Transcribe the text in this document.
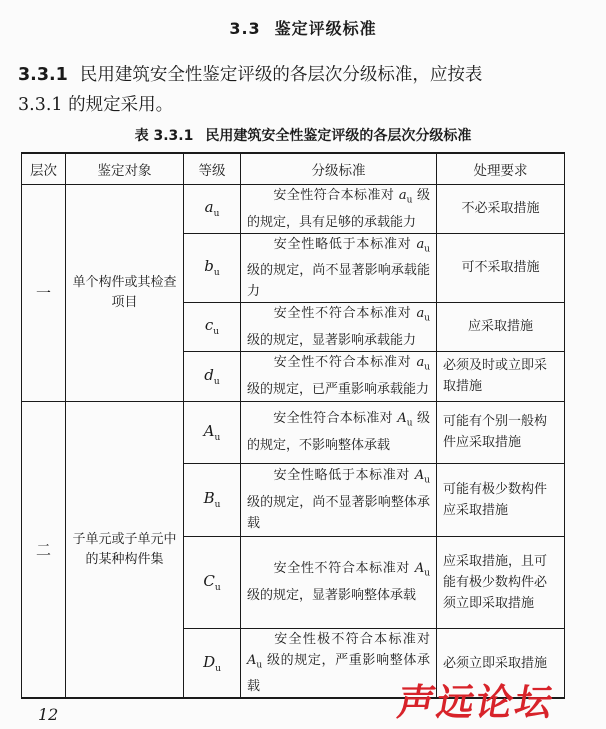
3.3 鉴定评级标准
3.3.1 民用建筑安全性鉴定评级的各层次分级标准，应按表
3.3.1 的规定采用。
表 3.3.1 民用建筑安全性鉴定评级的各层次分级标准
层次	鉴定对象	等级	分级标准	处理要求
一	单个构件或其检查项目	$a_u$	安全性符合本标准对 $a_u$ 级的规定，具有足够的承载能力	不必采取措施
		$b_u$	安全性略低于本标准对 $a_u$ 级的规定，尚不显著影响承载能力	可不采取措施
		$c_u$	安全性不符合本标准对 $a_u$ 级的规定，显著影响承载能力	应采取措施
		$d_u$	安全性不符合本标准对 $a_u$ 级的规定，已严重影响承载能力	必须及时或立即采取措施
二	子单元或子单元中的某种构件集	$A_u$	安全性符合本标准对 $A_u$ 级的规定，不影响整体承载	可能有个别一般构件应采取措施
		$B_u$	安全性略低于本标准对 $A_u$ 级的规定，尚不显著影响整体承载	可能有极少数构件应采取措施
		$C_u$	安全性不符合本标准对 $A_u$ 级的规定，显著影响整体承载	应采取措施，且可能有极少数构件必须立即采取措施
		$D_u$	安全性极不符合本标准对 $A_u$ 级的规定，严重影响整体承载	必须立即采取措施
12	声远论坛
